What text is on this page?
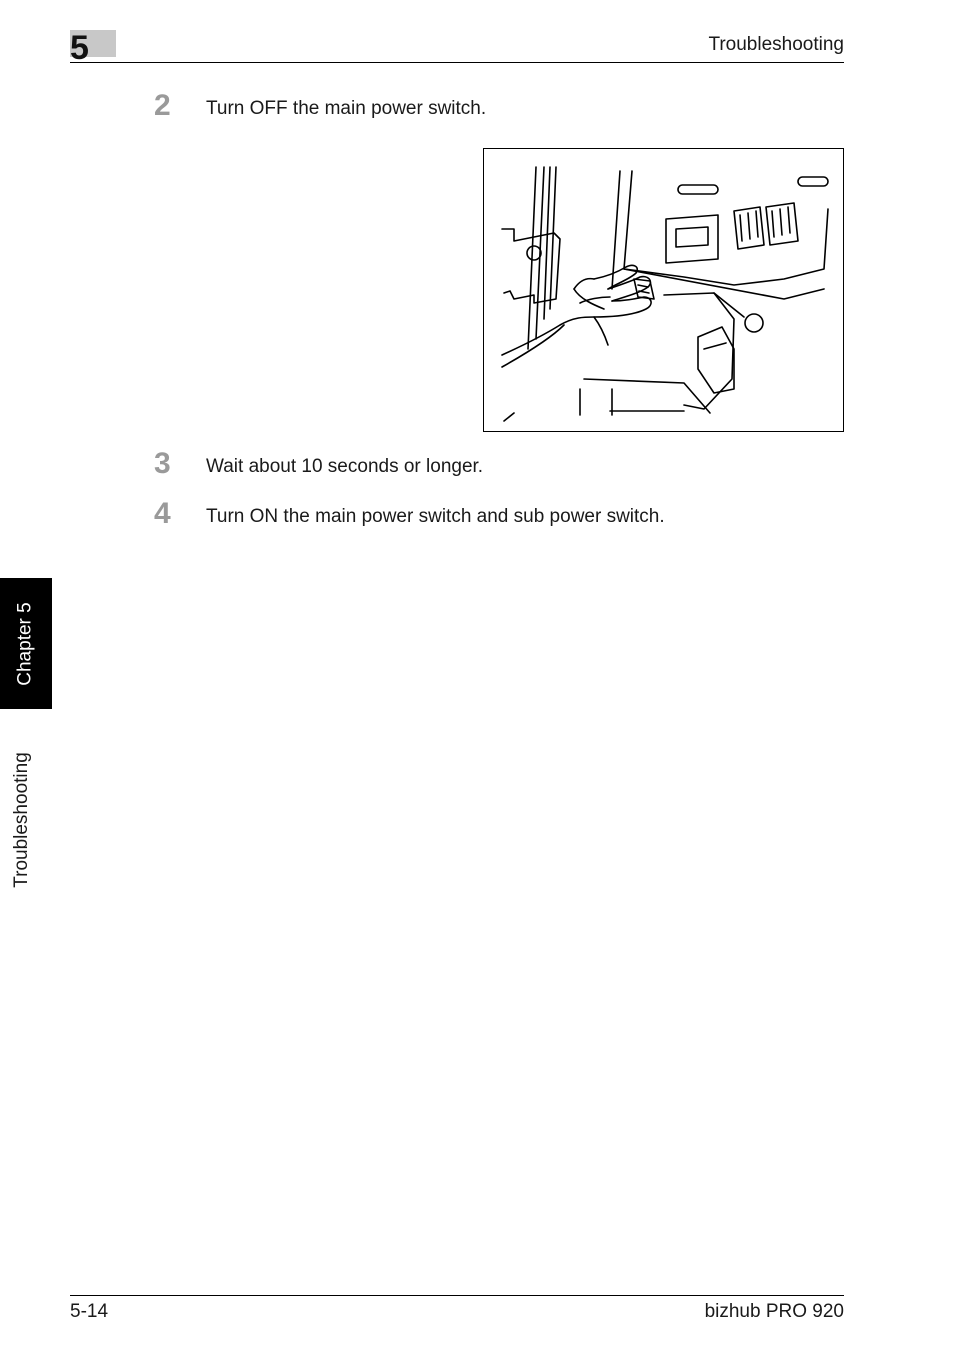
5	Troubleshooting
2 Turn OFF the main power switch.
3 Wait about 10 seconds or longer.
4 Turn ON the main power switch and sub power switch.
Chapter 5
Troubleshooting
5-14	bizhub PRO 920
